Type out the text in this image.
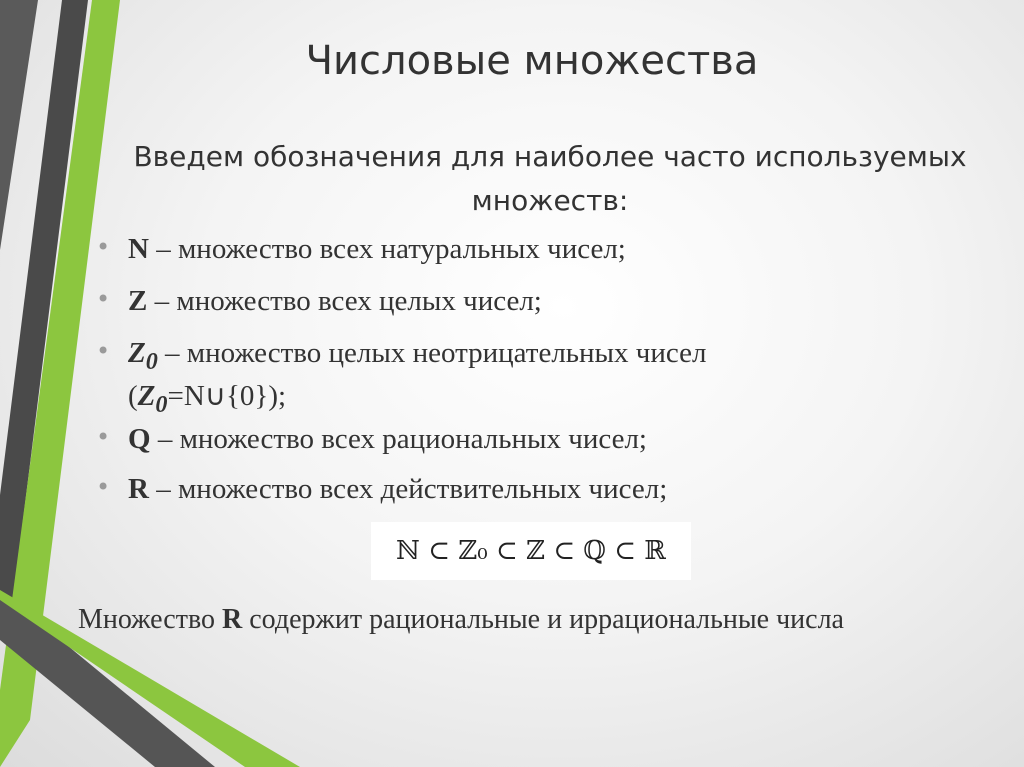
Числовые множества
Введем обозначения для наиболее часто используемых
множеств:
• N – множество всех натуральных чисел;
• Z – множество всех целых чисел;
• $Z_0$ – множество целых неотрицательных чисел
$(Z_0=N\cup\{0\})$;
• Q – множество всех рациональных чисел;
• R – множество всех действительных чисел;
ℕ ⊂ ℤ₀ ⊂ ℤ ⊂ ℚ ⊂ ℝ
Множество R содержит рациональные и иррациональные числа
